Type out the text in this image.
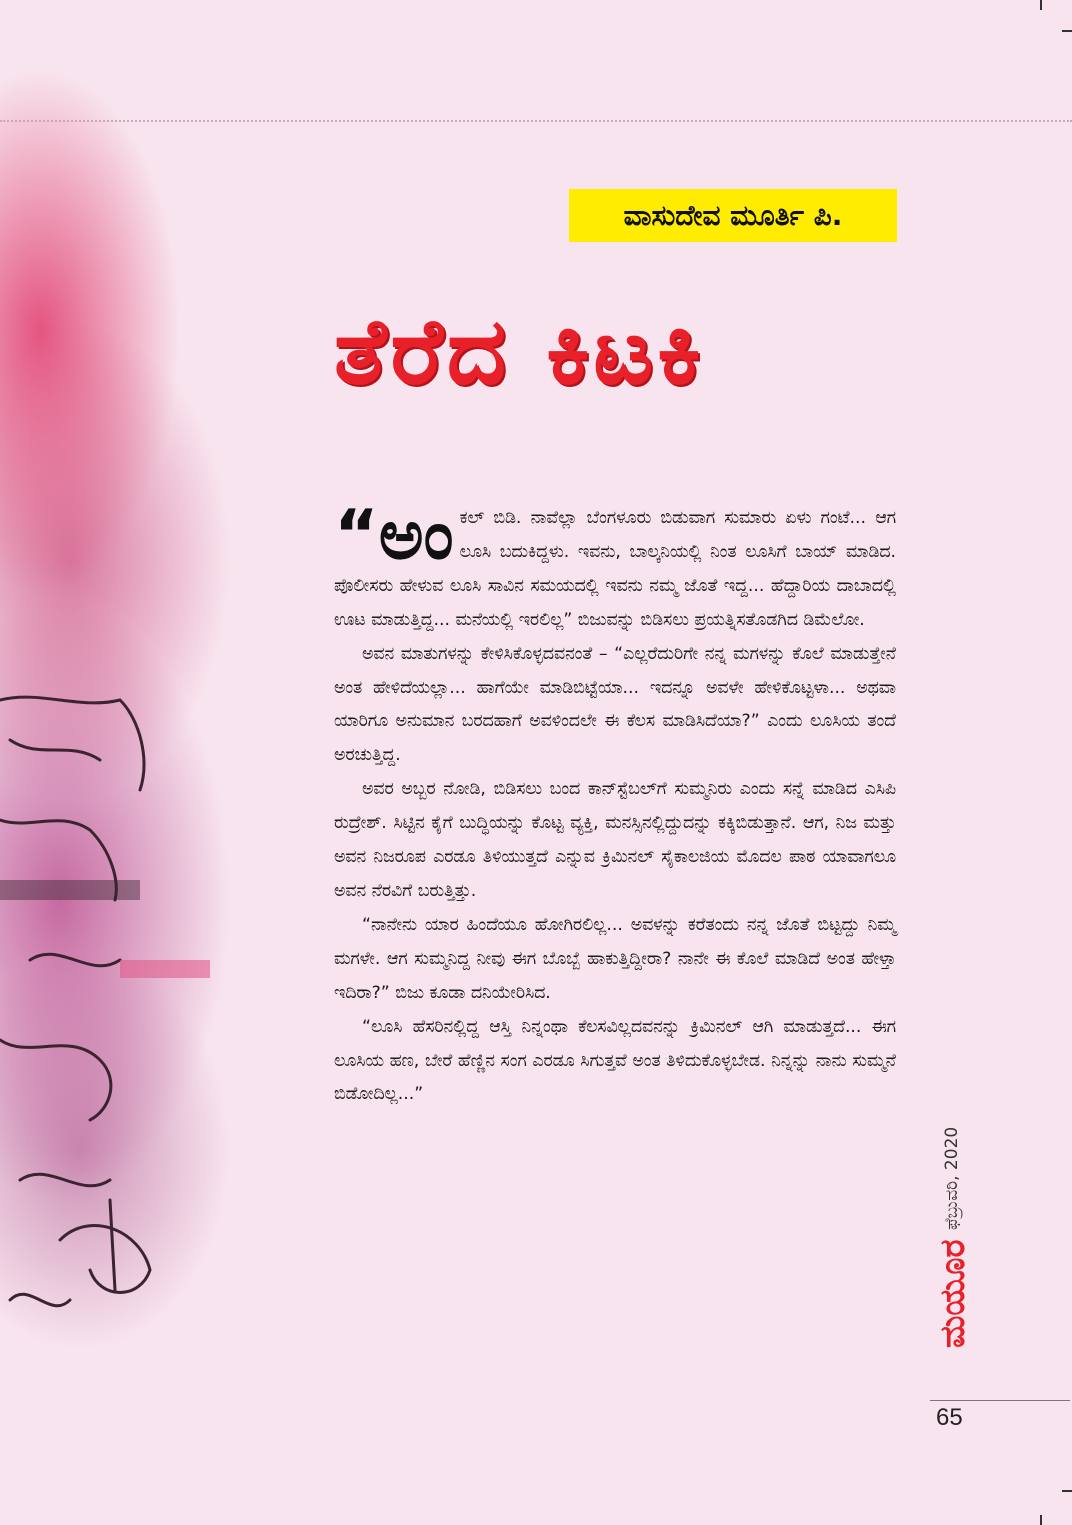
ವಾಸುದೇವ ಮೂರ್ತಿ ಪಿ.
ತೆರೆದ ಕಿಟಕಿ

“ಅಂ ಕಲ್ ಬಿಡಿ. ನಾವೆಲ್ಲಾ ಬೆಂಗಳೂರು ಬಿಡುವಾಗ ಸುಮಾರು ಏಳು ಗಂಟೆ... ಆಗ ಲೂಸಿ ಬದುಕಿದ್ದಳು. ಇವನು, ಬಾಲ್ಕನಿಯಲ್ಲಿ ನಿಂತ ಲೂಸಿಗೆ ಬಾಯ್ ಮಾಡಿದ. ಪೊಲೀಸರು ಹೇಳುವ ಲೂಸಿ ಸಾವಿನ ಸಮಯದಲ್ಲಿ ಇವನು ನಮ್ಮ ಜೊತೆ ಇದ್ದ... ಹೆದ್ದಾರಿಯ ದಾಬಾದಲ್ಲಿ ಊಟ ಮಾಡುತ್ತಿದ್ದ... ಮನೆಯಲ್ಲಿ ಇರಲಿಲ್ಲ” ಬಿಜುವನ್ನು ಬಿಡಿಸಲು ಪ್ರಯತ್ನಿಸತೊಡಗಿದ ಡಿಮೆಲೋ.

ಅವನ ಮಾತುಗಳನ್ನು ಕೇಳಿಸಿಕೊಳ್ಳದವನಂತೆ – “ಎಲ್ಲರೆದುರಿಗೇ ನನ್ನ ಮಗಳನ್ನು ಕೊಲೆ ಮಾಡುತ್ತೇನೆ ಅಂತ ಹೇಳಿದೆಯಲ್ಲಾ... ಹಾಗೆಯೇ ಮಾಡಿಬಿಟ್ಟೆಯಾ... ಇದನ್ನೂ ಅವಳೇ ಹೇಳಿಕೊಟ್ಟಳಾ... ಅಥವಾ ಯಾರಿಗೂ ಅನುಮಾನ ಬರದಹಾಗೆ ಅವಳಿಂದಲೇ ಈ ಕೆಲಸ ಮಾಡಿಸಿದೆಯಾ?” ಎಂದು ಲೂಸಿಯ ತಂದೆ ಅರಚುತ್ತಿದ್ದ.

ಅವರ ಅಬ್ಬರ ನೋಡಿ, ಬಿಡಿಸಲು ಬಂದ ಕಾನ್‌ಸ್ಟೆಬಲ್‌ಗೆ ಸುಮ್ಮನಿರು ಎಂದು ಸನ್ನೆ ಮಾಡಿದ ಎಸಿಪಿ ರುದ್ರೇಶ್. ಸಿಟ್ಟಿನ ಕೈಗೆ ಬುದ್ಧಿಯನ್ನು ಕೊಟ್ಟ ವ್ಯಕ್ತಿ, ಮನಸ್ಸಿನಲ್ಲಿದ್ದುದನ್ನು ಕಕ್ಕಿಬಿಡುತ್ತಾನೆ. ಆಗ, ನಿಜ ಮತ್ತು ಅವನ ನಿಜರೂಪ ಎರಡೂ ತಿಳಿಯುತ್ತದೆ ಎನ್ನುವ ಕ್ರಿಮಿನಲ್ ಸೈಕಾಲಜಿಯ ಮೊದಲ ಪಾಠ ಯಾವಾಗಲೂ ಅವನ ನೆರವಿಗೆ ಬರುತ್ತಿತ್ತು.

“ನಾನೇನು ಯಾರ ಹಿಂದೆಯೂ ಹೋಗಿರಲಿಲ್ಲ... ಅವಳನ್ನು ಕರೆತಂದು ನನ್ನ ಜೊತೆ ಬಿಟ್ಟದ್ದು ನಿಮ್ಮ ಮಗಳೇ. ಆಗ ಸುಮ್ಮನಿದ್ದ ನೀವು ಈಗ ಬೊಬ್ಬೆ ಹಾಕುತ್ತಿದ್ದೀರಾ? ನಾನೇ ಈ ಕೊಲೆ ಮಾಡಿದೆ ಅಂತ ಹೇಳ್ತಾ ಇದಿರಾ?” ಬಿಜು ಕೂಡಾ ದನಿಯೇರಿಸಿದ.

“ಲೂಸಿ ಹೆಸರಿನಲ್ಲಿದ್ದ ಆಸ್ತಿ ನಿನ್ನಂಥಾ ಕೆಲಸವಿಲ್ಲದವನನ್ನು ಕ್ರಿಮಿನಲ್ ಆಗಿ ಮಾಡುತ್ತದೆ... ಈಗ ಲೂಸಿಯ ಹಣ, ಬೇರೆ ಹೆಣ್ಣಿನ ಸಂಗ ಎರಡೂ ಸಿಗುತ್ತವೆ ಅಂತ ತಿಳಿದುಕೊಳ್ಳಬೇಡ. ನಿನ್ನನ್ನು ನಾನು ಸುಮ್ಮನೆ ಬಿಡೋದಿಲ್ಲ...”

ಫೆಬ್ರುವರಿ, 2020
ಮಯೂರ
65
